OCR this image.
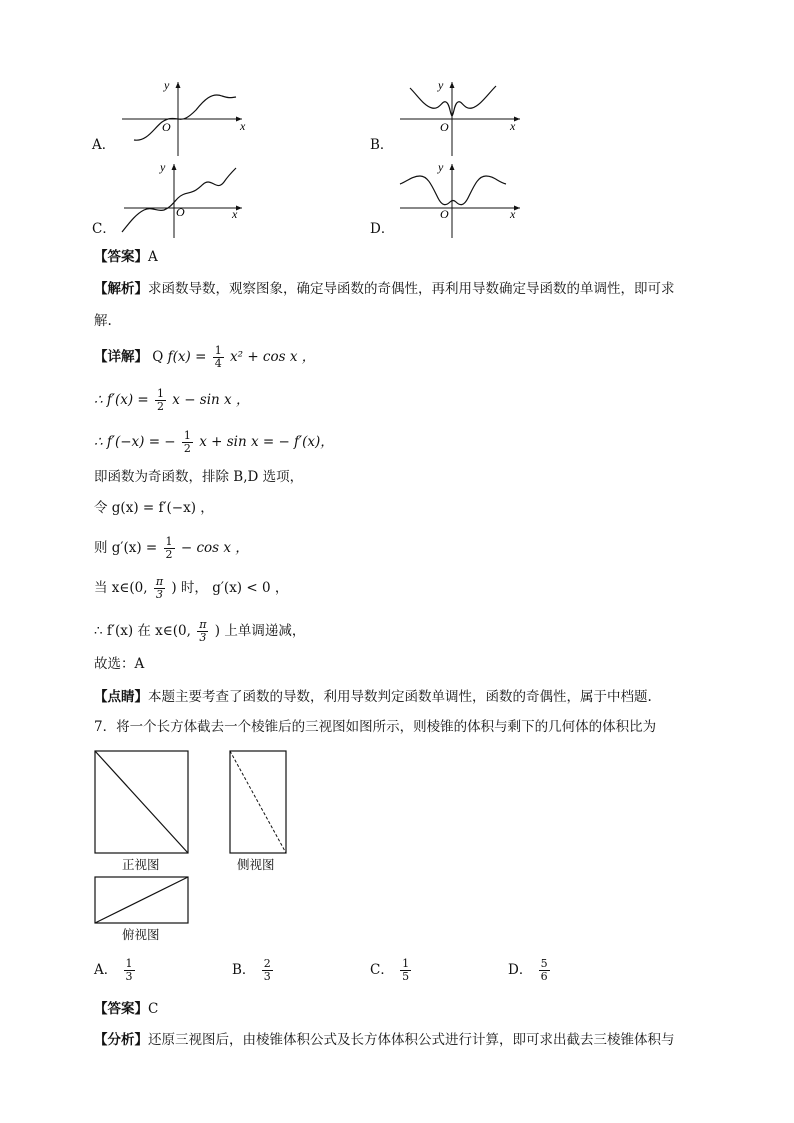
A．
y
x
O
B．
y
x
O
C．
y
x
O
D．
y
x
O
【答案】A
【解析】求函数导数，观察图象，确定导函数的奇偶性，再利用导数确定导函数的单调性，即可求
解.
【详解】 Q $f(x) = \frac{1}{4} x^2 + \cos x$ ，
∴ $f'(x) = \frac{1}{2}$ x − sin x ，
∴ f′(−x) = − $\frac{1}{2}$ x + sin x = − f′(x)，
即函数为奇函数，排除 B,D 选项，
令 g(x) = f′(−x) ，
则 $g'(x) = \frac{1}{2} - \cos x$ ，
当 x∈(0, $\frac{\pi}{3}$ ) 时， g′(x) < 0 ，
∴ f′(x) 在 x∈(0, $\frac{\pi}{3}$ ) 上单调递减，
故选：A
【点睛】本题主要考查了函数的导数，利用导数判定函数单调性，函数的奇偶性，属于中档题.
7．将一个长方体截去一个棱锥后的三视图如图所示，则棱锥的体积与剩下的几何体的体积比为
正视图	侧视图
俯视图
A． $\frac{1}{3}$	B． $\frac{2}{3}$	C． $\frac{1}{5}$	D． $\frac{5}{6}$
【答案】C
【分析】还原三视图后，由棱锥体积公式及长方体体积公式进行计算，即可求出截去三棱锥体积与
